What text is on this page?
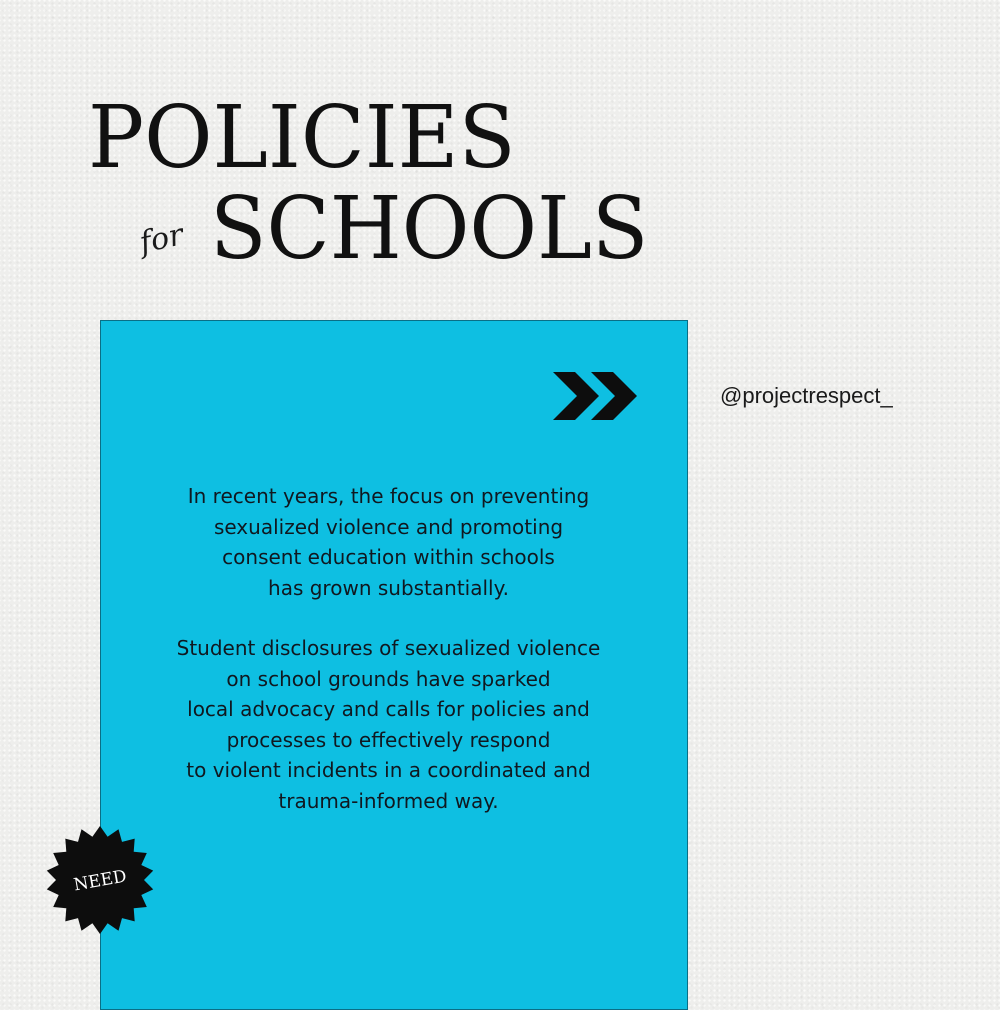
POLICIES
for SCHOOLS
@projectrespect_

In recent years, the focus on preventing
sexualized violence and promoting
consent education within schools
has grown substantially.

Student disclosures of sexualized violence
on school grounds have sparked
local advocacy and calls for policies and
processes to effectively respond
to violent incidents in a coordinated and
trauma-informed way.

NEED
